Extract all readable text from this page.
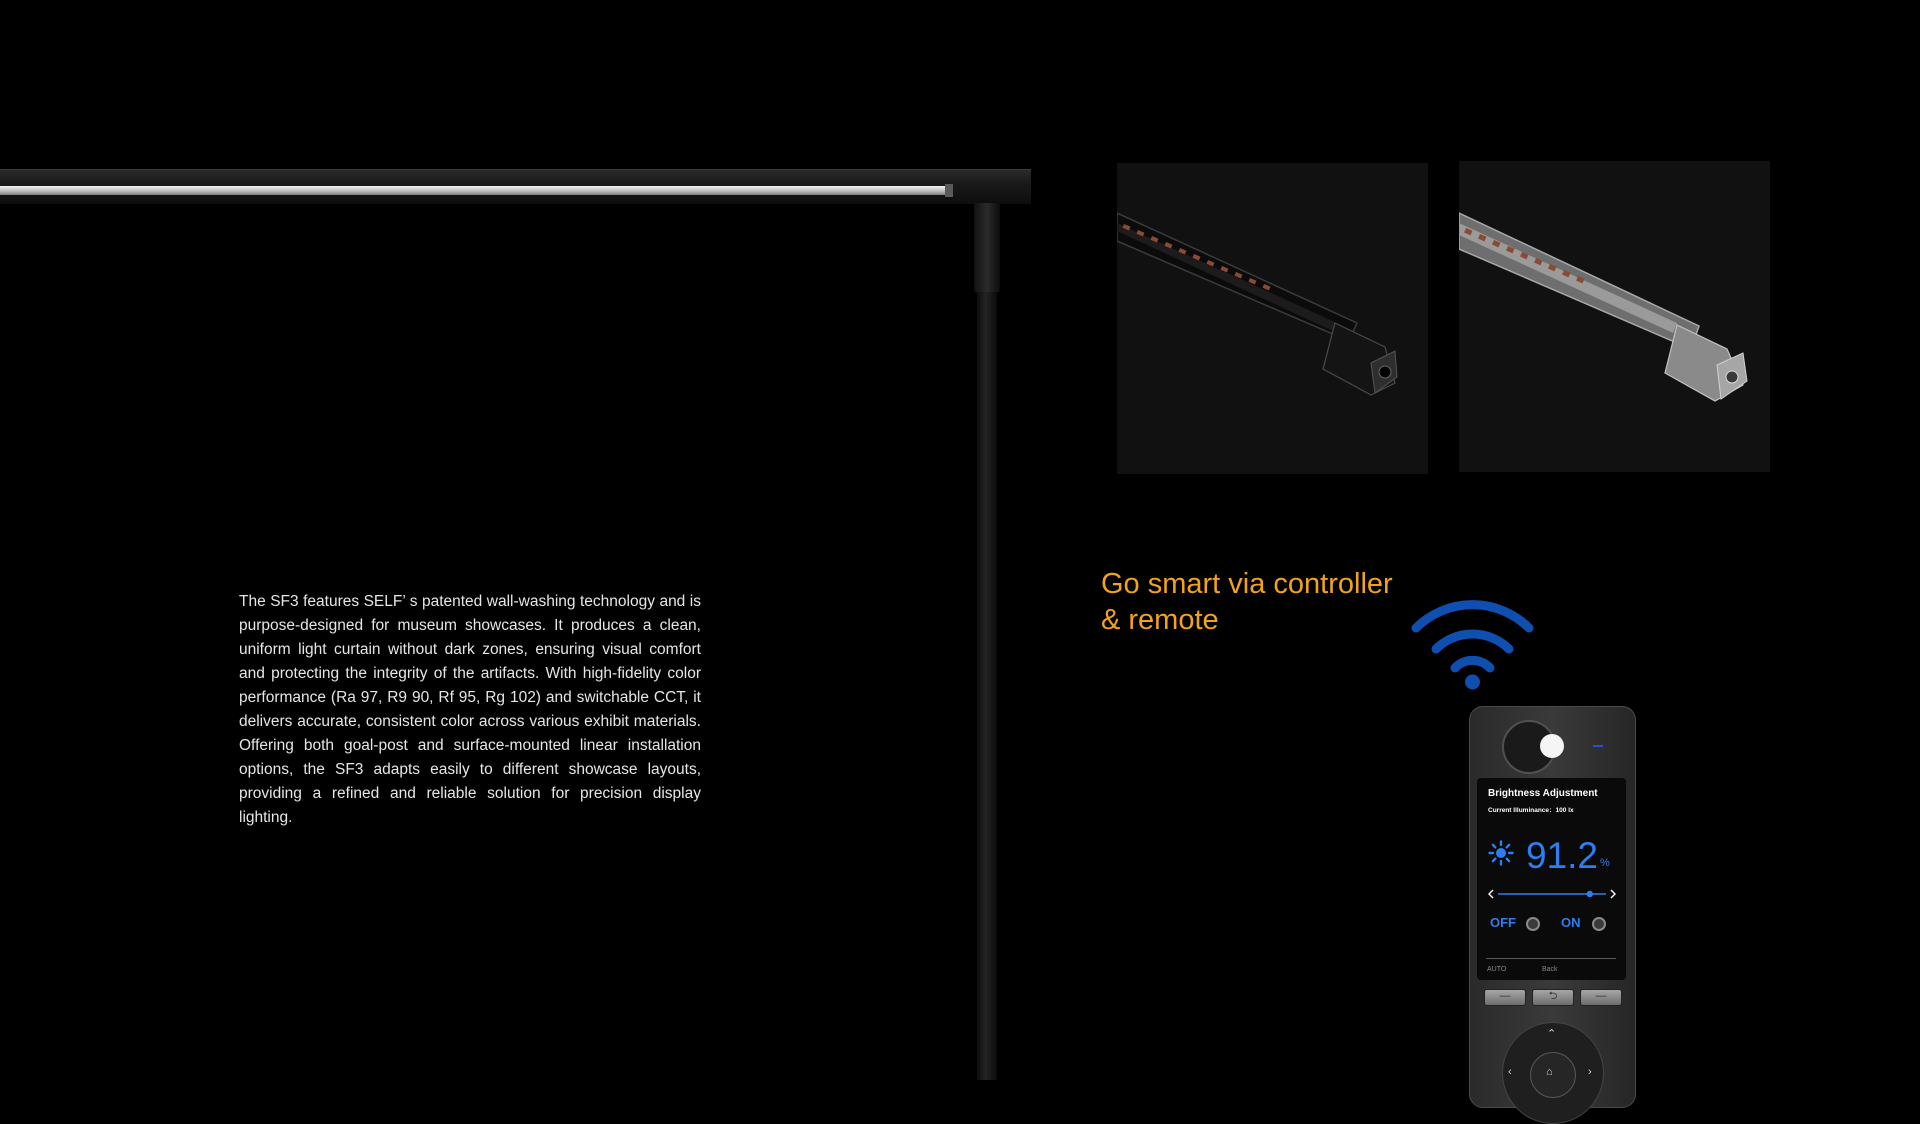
The SF3 features SELF’ s patented wall-washing technology and is purpose-designed for museum showcases. It produces a clean, uniform light curtain without dark zones, ensuring visual comfort and protecting the integrity of the artifacts. With high-fidelity color performance (Ra 97, R9 90, Rf 95, Rg 102) and switchable CCT, it delivers accurate, consistent color across various exhibit materials. Offering both goal-post and surface-mounted linear installation options, the SF3 adapts easily to different showcase layouts, providing a refined and reliable solution for precision display lighting.

Go smart via controller
& remote
Brightness Adjustment
Current Illuminance：100 lx
91.2 %
OFF	ON
AUTO	Back
—	⮌	—
⌃
‹	›
⌂
